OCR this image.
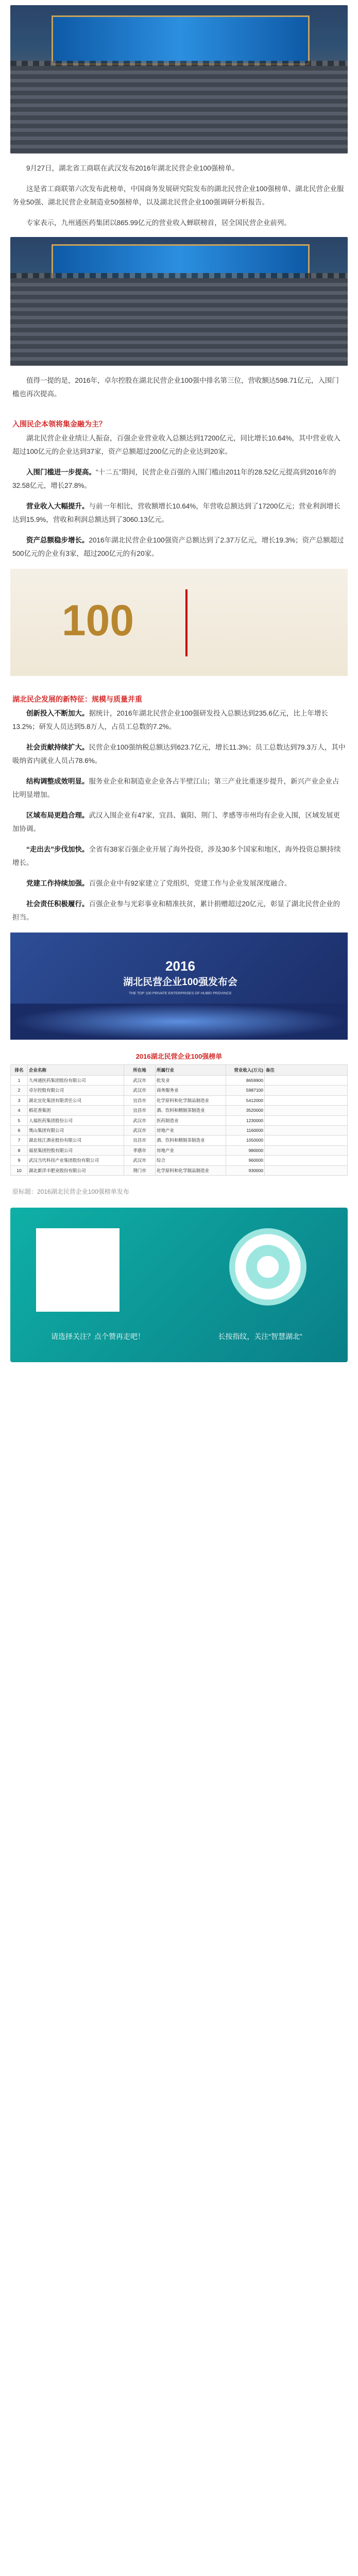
9月27日，湖北省工商联在武汉发布2016年湖北民营企业100强榜单。

这是省工商联第六次发布此榜单，中国商务发展研究院发布的湖北民营企业100强榜单、湖北民营企业服务业50强、湖北民营企业制造业50强榜单，以及湖北民营企业100强调研分析报告。

专家表示，九州通医药集团以865.99亿元的营业收入蝉联榜首，居全国民营企业前列。

值得一提的是，2016年，卓尔控股在湖北民营企业100强中排名第三位，营收额达598.71亿元，入围门槛也再次提高。

入围民企本领将集金融为主？

湖北民营企业业绩让人振奋，百强企业营业收入总额达到17200亿元，同比增长10.64%，其中营业收入超过100亿元的企业达到37家，资产总额超过200亿元的企业达到20家。

入围门槛进一步提高。“十二五”期间，民营企业百强的入围门槛由2011年的28.52亿元提高到2016年的32.58亿元，增长27.8%。

营业收入大幅提升。与前一年相比，营收额增长10.64%，年营收总额达到了17200亿元；营业利润增长达到15.9%，营收和利润总额达到了3060.13亿元。

资产总额稳步增长。2016年湖北民营企业100强资产总额达到了2.37万亿元，增长19.3%；资产总额超过500亿元的企业有3家，超过200亿元的有20家。

100
湖北民企发展的新特征：规模与质量并重

创新投入不断加大。据统计，2016年湖北民营企业100强研发投入总额达到235.6亿元，比上年增长13.2%；研发人员达到5.8万人，占员工总数的7.2%。

社会贡献持续扩大。民营企业100强纳税总额达到623.7亿元，增长11.3%；员工总数达到79.3万人，其中吸纳省内就业人员占78.6%。

结构调整成效明显。服务业企业和制造业企业各占半壁江山；第三产业比重逐步提升，新兴产业企业占比明显增加。

区域布局更趋合理。武汉入围企业有47家，宜昌、襄阳、荆门、孝感等市州均有企业入围，区域发展更加协调。

“走出去”步伐加快。全省有38家百强企业开展了海外投资，涉及30多个国家和地区，海外投资总额持续增长。

党建工作持续加强。百强企业中有92家建立了党组织，党建工作与企业发展深度融合。

社会责任积极履行。百强企业参与光彩事业和精准扶贫，累计捐赠超过20亿元，彰显了湖北民营企业的担当。

2016
湖北民营企业100强发布会
THE TOP 100 PRIVATE ENTERPRISES OF HUBEI PROVINCE
2016湖北民营企业100强榜单
排名	企业名称	所在地	所属行业	营业收入(万元)	备注
1	九州通医药集团股份有限公司	武汉市	批发业	8659900	
2	卓尔控股有限公司	武汉市	商务服务业	5987100	
3	湖北宜化集团有限责任公司	宜昌市	化学原料和化学制品制造业	5412000	
4	稻花香集团	宜昌市	酒、饮料和精制茶制造业	3520000	
5	人福医药集团股份公司	武汉市	医药制造业	1230000	
6	奥山集团有限公司	武汉市	房地产业	1160000	
7	湖北枝江酒业股份有限公司	宜昌市	酒、饮料和精制茶制造业	1050000	
8	福星集团控股有限公司	孝感市	房地产业	980000	
9	武汉当代科技产业集团股份有限公司	武汉市	综合	960000	
10	湖北新洋丰肥业股份有限公司	荆门市	化学原料和化学制品制造业	930000	

原标题：2016湖北民营企业100强榜单发布

请选择关注？点个赞再走吧！	长按指纹，关注“智慧湖北”
